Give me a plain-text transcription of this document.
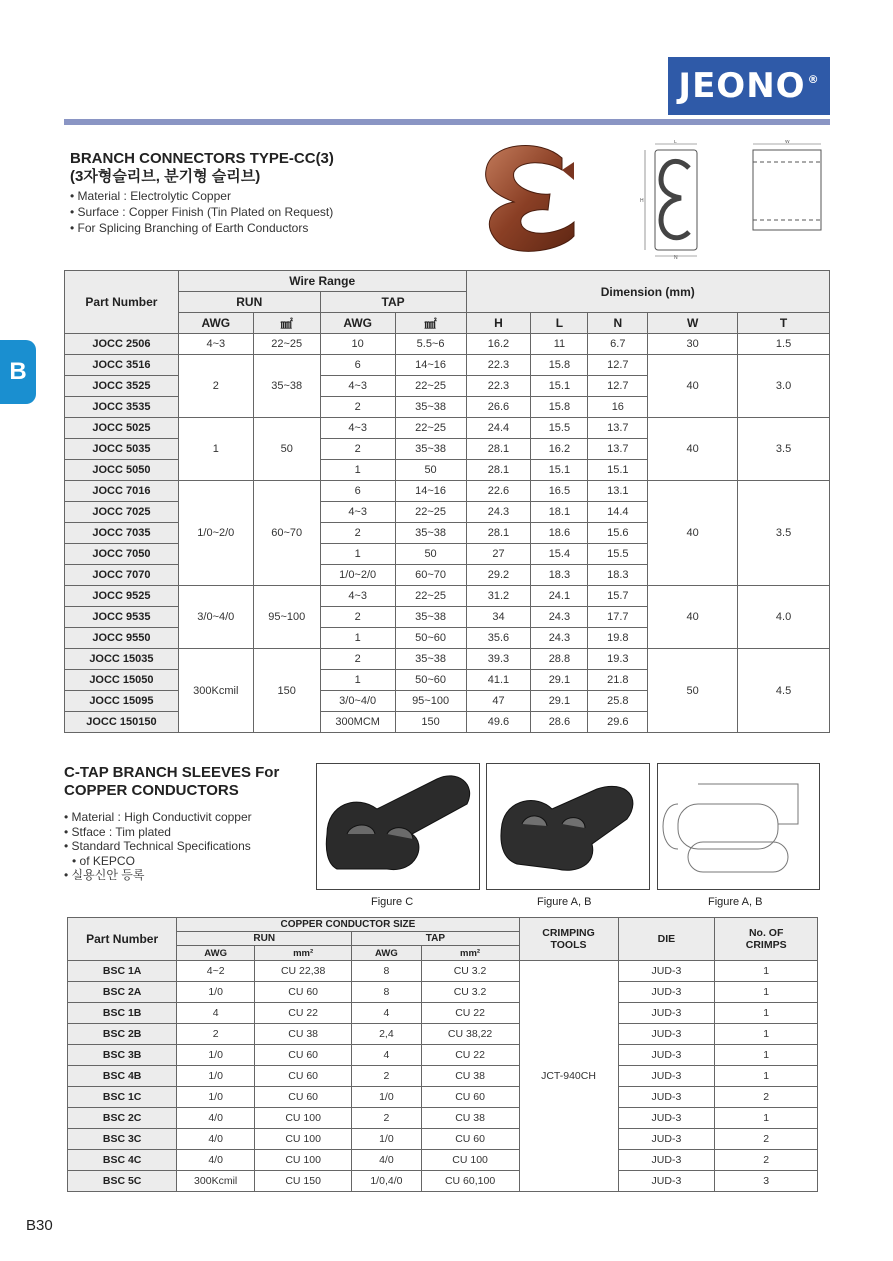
JEONO®
B
BRANCH CONNECTORS TYPE-CC(3)
(3자형슬리브, 분기형 슬리브)
• Material : Electrolytic Copper
• Surface : Copper Finish (Tin Plated on Request)
• For Splicing Branching of Earth Conductors
L
H
N
W
Part Number	Wire Range				Dimension (mm)				
	RUN		TAP						
	AWG	㎟	AWG	㎟	H	L	N	W	T
JOCC 2506	4~3	22~25	10	5.5~6	16.2	11	6.7	30	1.5
JOCC 3516	2	35~38	6	14~16	22.3	15.8	12.7	40	3.0
JOCC 3525			4~3	22~25	22.3	15.1	12.7		
JOCC 3535			2	35~38	26.6	15.8	16		
JOCC 5025	1	50	4~3	22~25	24.4	15.5	13.7	40	3.5
JOCC 5035			2	35~38	28.1	16.2	13.7		
JOCC 5050			1	50	28.1	15.1	15.1		
JOCC 7016	1/0~2/0	60~70	6	14~16	22.6	16.5	13.1	40	3.5
JOCC 7025			4~3	22~25	24.3	18.1	14.4		
JOCC 7035			2	35~38	28.1	18.6	15.6		
JOCC 7050			1	50	27	15.4	15.5		
JOCC 7070			1/0~2/0	60~70	29.2	18.3	18.3		
JOCC 9525	3/0~4/0	95~100	4~3	22~25	31.2	24.1	15.7	40	4.0
JOCC 9535			2	35~38	34	24.3	17.7		
JOCC 9550			1	50~60	35.6	24.3	19.8		
JOCC 15035	300Kcmil	150	2	35~38	39.3	28.8	19.3	50	4.5
JOCC 15050			1	50~60	41.1	29.1	21.8		
JOCC 15095			3/0~4/0	95~100	47	29.1	25.8		
JOCC 150150			300MCM	150	49.6	28.6	29.6		
C-TAP BRANCH SLEEVES For
COPPER CONDUCTORS
• Material : High Conductivit copper
• Stface : Tim plated
• Standard Technical Specifications
• of KEPCO
• 실용신안 등록
Figure C	Figure A, B	Figure A, B
Part Number	COPPER CONDUCTOR SIZE				CRIMPING
TOOLS	DIE	No. OF
CRIMPS
	RUN		TAP				
	AWG	mm²	AWG	mm²			
BSC 1A	4~2	CU 22,38	8	CU 3.2	JCT-940CH	JUD-3	1
BSC 2A	1/0	CU 60	8	CU 3.2		JUD-3	1
BSC 1B	4	CU 22	4	CU 22		JUD-3	1
BSC 2B	2	CU 38	2,4	CU 38,22		JUD-3	1
BSC 3B	1/0	CU 60	4	CU 22		JUD-3	1
BSC 4B	1/0	CU 60	2	CU 38		JUD-3	1
BSC 1C	1/0	CU 60	1/0	CU 60		JUD-3	2
BSC 2C	4/0	CU 100	2	CU 38		JUD-3	1
BSC 3C	4/0	CU 100	1/0	CU 60		JUD-3	2
BSC 4C	4/0	CU 100	4/0	CU 100		JUD-3	2
BSC 5C	300Kcmil	CU 150	1/0,4/0	CU 60,100		JUD-3	3
B30
